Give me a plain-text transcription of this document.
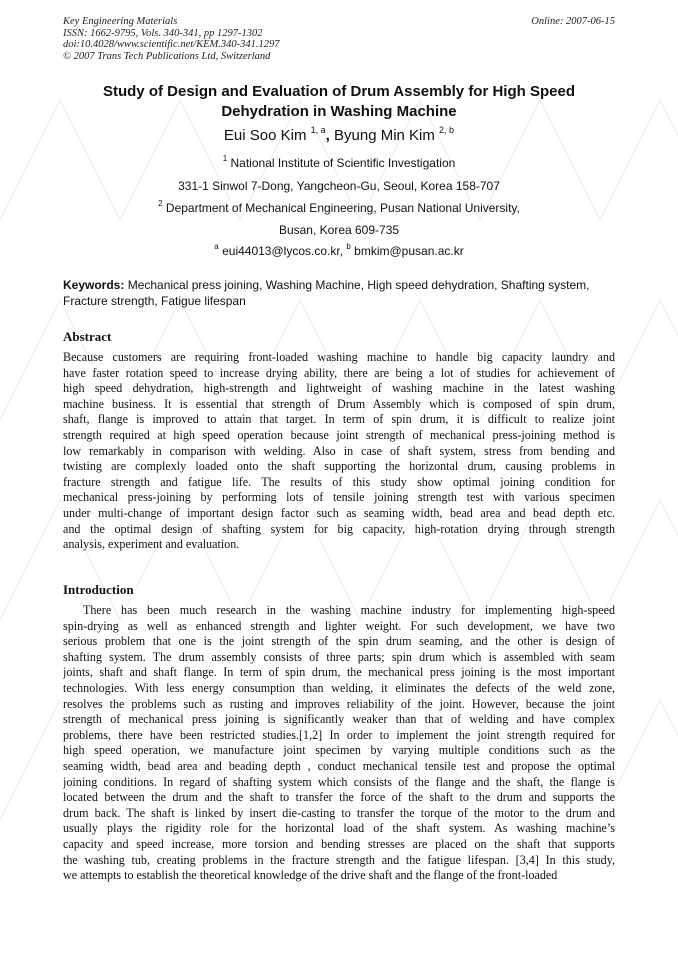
Key Engineering Materials
ISSN: 1662-9795, Vols. 340-341, pp 1297-1302
doi:10.4028/www.scientific.net/KEM.340-341.1297
© 2007 Trans Tech Publications Ltd, Switzerland
Online: 2007-06-15
Study of Design and Evaluation of Drum Assembly for High Speed
Dehydration in Washing Machine
Eui Soo Kim $^{1, a}$, Byung Min Kim $^{2, b}$
$^1$ National Institute of Scientific Investigation
331-1 Sinwol 7-Dong, Yangcheon-Gu, Seoul, Korea 158-707
$^2$ Department of Mechanical Engineering, Pusan National University,
Busan, Korea 609-735
$^a$ eui44013@lycos.co.kr, $^b$ bmkim@pusan.ac.kr
Keywords: Mechanical press joining, Washing Machine, High speed dehydration, Shafting system, Fracture strength, Fatigue lifespan
Abstract
Because customers are requiring front-loaded washing machine to handle big capacity laundry and
have faster rotation speed to increase drying ability, there are being a lot of studies for achievement of
high speed dehydration, high-strength and lightweight of washing machine in the latest washing
machine business. It is essential that strength of Drum Assembly which is composed of spin drum,
shaft, flange is improved to attain that target. In term of spin drum, it is difficult to realize joint
strength required at high speed operation because joint strength of mechanical press-joining method is
low remarkably in comparison with welding. Also in case of shaft system, stress from bending and
twisting are complexly loaded onto the shaft supporting the horizontal drum, causing problems in
fracture strength and fatigue life. The results of this study show optimal joining condition for
mechanical press-joining by performing lots of tensile joining strength test with various specimen
under multi-change of important design factor such as seaming width, bead area and bead depth etc.
and the optimal design of shafting system for big capacity, high-rotation drying through strength
analysis, experiment and evaluation.
Introduction
There has been much research in the washing machine industry for implementing high-speed
spin-drying as well as enhanced strength and lighter weight. For such development, we have two
serious problem that one is the joint strength of the spin drum seaming, and the other is design of
shafting system. The drum assembly consists of three parts; spin drum which is assembled with seam
joints, shaft and shaft flange. In term of spin drum, the mechanical press joining is the most important
technologies. With less energy consumption than welding, it eliminates the defects of the weld zone,
resolves the problems such as rusting and improves reliability of the joint. However, because the joint
strength of mechanical press joining is significantly weaker than that of welding and have complex
problems, there have been restricted studies.[1,2] In order to implement the joint strength required for
high speed operation, we manufacture joint specimen by varying multiple conditions such as the
seaming width, bead area and beading depth , conduct mechanical tensile test and propose the optimal
joining conditions. In regard of shafting system which consists of the flange and the shaft, the flange is
located between the drum and the shaft to transfer the force of the shaft to the drum and supports the
drum back. The shaft is linked by insert die-casting to transfer the torque of the motor to the drum and
usually plays the rigidity role for the horizontal load of the shaft system. As washing machine’s
capacity and speed increase, more torsion and bending stresses are placed on the shaft that supports
the washing tub, creating problems in the fracture strength and the fatigue lifespan. [3,4] In this study,
we attempts to establish the theoretical knowledge of the drive shaft and the flange of the front-loaded
